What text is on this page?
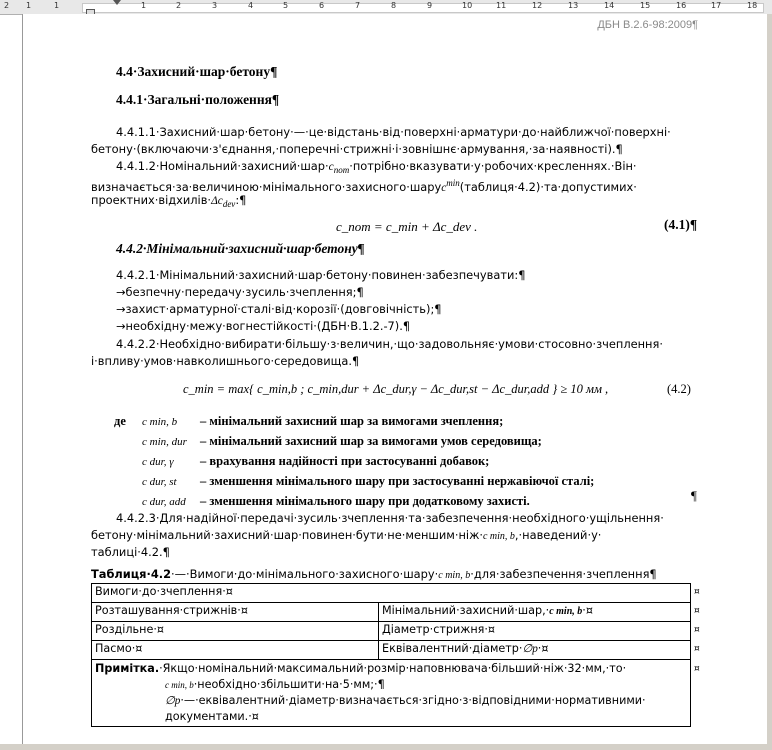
2 1	1	1	2	3	4	5	6	7	8	9	10	11	12	13	14	15	16	17	18
ДБН В.2.6-98:2009¶
4.4·Захисний·шар·бетону¶
4.4.1·Загальні·положення¶
4.4.1.1·Захисний·шар·бетону·—·це·відстань·від·поверхні·арматури·до·найближчої·поверхні·
бетону·(включаючи·з'єднання,·поперечні·стрижні·і·зовнішнє·армування,·за·наявності).¶
$4.4.1.2\cdot Номінальний\cdot захисний\cdot шар\cdot c_{nom}\cdot потрібно\cdot вказувати\cdot у\cdot робочих\cdot кресленнях.\cdot Він\cdot$
визначається·за·величиною·мінімального·захисного·шаруc$^{min}$(таблиця·4.2)·та·допустимих·
$проектних\cdot відхилів\cdot\Delta c_{dev}:\P$
c_nom = c_min + Δc_dev .	(4.1)¶
4.4.2·Мінімальний·захисний·шар·бетону¶
4.4.2.1·Мінімальний·захисний·шар·бетону·повинен·забезпечувати:¶
→безпечну·передачу·зусиль·зчеплення;¶
→захист·арматурної·сталі·від·корозії·(довговічність);¶
→необхідну·межу·вогнестійкості·(ДБН·В.1.2.-7).¶
4.4.2.2·Необхідно·вибирати·більшу·з·величин,·що·задовольняє·умови·стосовно·зчеплення·
і·впливу·умов·навколишнього·середовища.¶
c_min = max{ c_min,b ; c_min,dur + Δc_dur,γ − Δc_dur,st − Δc_dur,add } ≥ 10 мм ,	(4.2)
де c min, b – мінімальний захисний шар за вимогами зчеплення;
c min, dur – мінімальний захисний шар за вимогами умов середовища;
c dur, γ – врахування надійності при застосуванні добавок;
c dur, st – зменшення мінімального шару при застосуванні нержавіючої сталі;
c dur, add – зменшення мінімального шару при додатковому захисті.	¶
4.4.2.3·Для·надійної·передачі·зусиль·зчеплення·та·забезпечення·необхідного·ущільнення·
бетону·мінімальний·захисний·шар·повинен·бути·не·меншим·ніж·c min, b,·наведений·у·
таблиці·4.2.¶
Таблиця·4.2·—·Вимоги·до·мінімального·захисного·шару·c min, b·для·забезпечення·зчеплення¶
Вимоги·до·зчеплення·¤	
Розташування·стрижнів·¤	Мінімальний·захисний·шар,·c min, b·¤
Роздільне·¤	Діаметр·стрижня·¤
Пасмо·¤	Еквівалентний·діаметр·∅p·¤

Примітка.·Якщо·номінальний·максимальний·розмір·наповнювача·більший·ніж·32·мм,·то·
c min, b·необхідно·збільшити·на·5·мм;·¶
∅p·—·еквівалентний·діаметр·визначається·згідно·з·відповідними·нормативними·
документами.·¤	
¤
¤
¤
¤
¤
